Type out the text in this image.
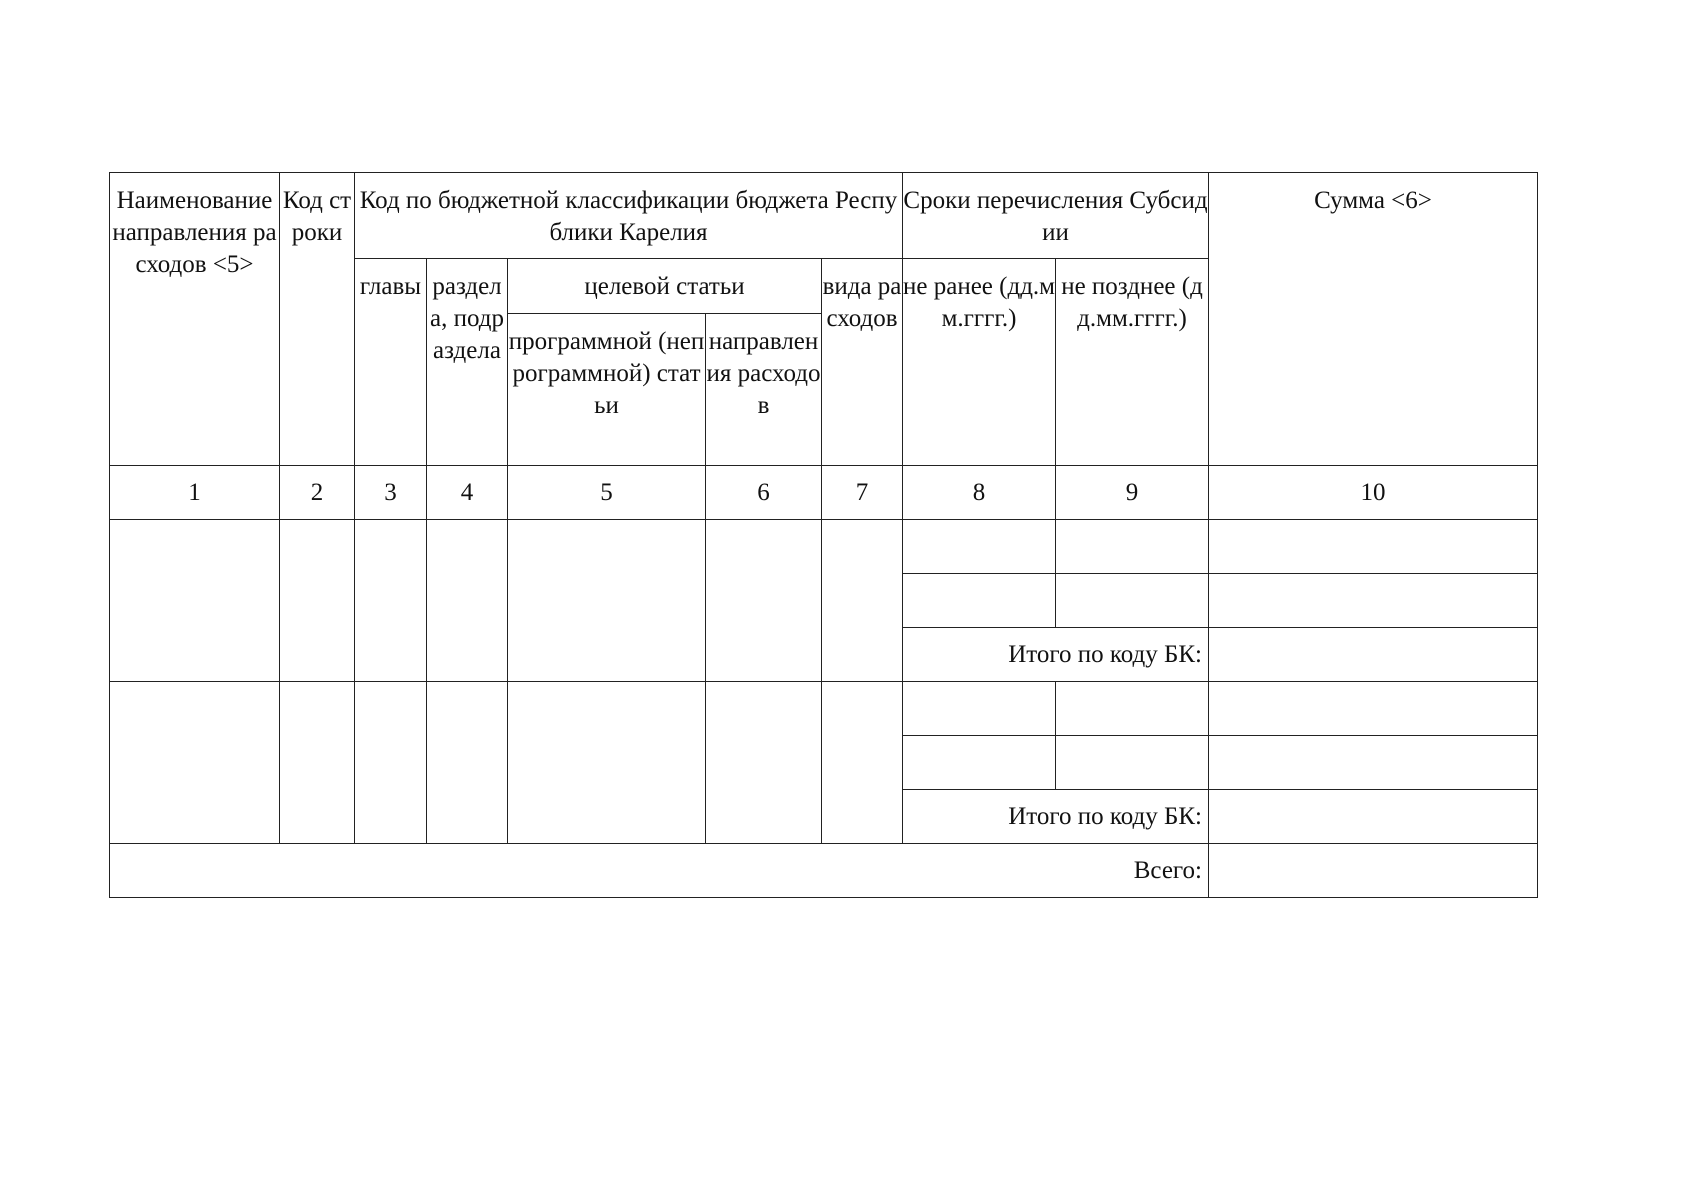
Наименование направления расходов <5>	Код строки	Код по бюджетной классификации бюджета Республики Карелия					Сроки перечисления Субсидии		Сумма <6>
		главы	раздела, подраздела	целевой статьи		вида расходов	не ранее (дд.мм.гггг.)	не позднее (дд.мм.гггг.)	
				программной (непрограммной) статьи	направления расходов				
1	2	3	4	5	6	7	8	9	10

							Итого по коду БК:		

							Итого по коду БК:		
Всего:									
